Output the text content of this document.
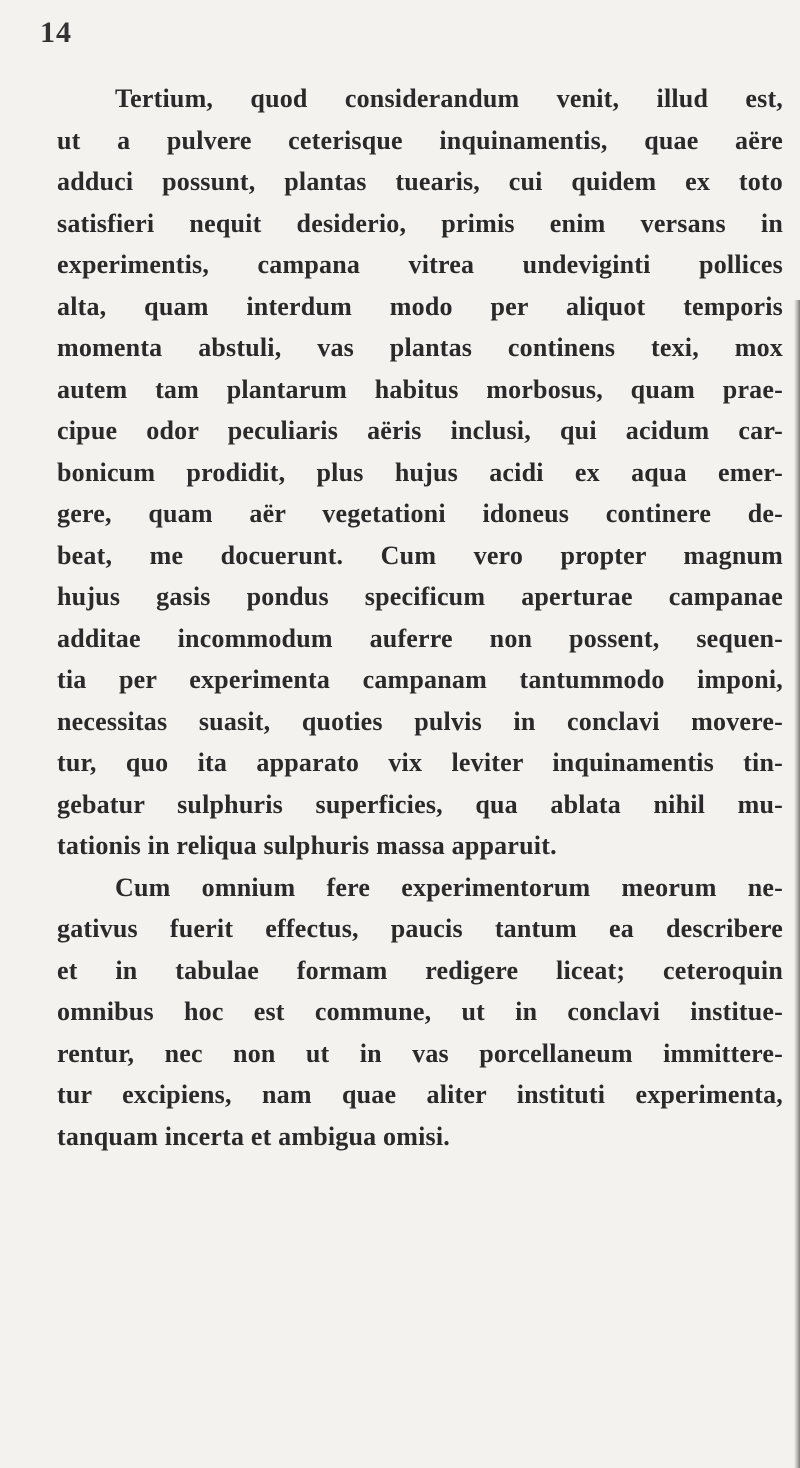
14
Tertium, quod considerandum venit, illud est,
ut a pulvere ceterisque inquinamentis, quae aëre
adduci possunt, plantas tuearis, cui quidem ex toto
satisfieri nequit desiderio, primis enim versans in
experimentis, campana vitrea undeviginti pollices
alta, quam interdum modo per aliquot temporis
momenta abstuli, vas plantas continens texi, mox
autem tam plantarum habitus morbosus, quam prae-
cipue odor peculiaris aëris inclusi, qui acidum car-
bonicum prodidit, plus hujus acidi ex aqua emer-
gere, quam aër vegetationi idoneus continere de-
beat, me docuerunt. Cum vero propter magnum
hujus gasis pondus specificum aperturae campanae
additae incommodum auferre non possent, sequen-
tia per experimenta campanam tantummodo imponi,
necessitas suasit, quoties pulvis in conclavi movere-
tur, quo ita apparato vix leviter inquinamentis tin-
gebatur sulphuris superficies, qua ablata nihil mu-
tationis in reliqua sulphuris massa apparuit.
Cum omnium fere experimentorum meorum ne-
gativus fuerit effectus, paucis tantum ea describere
et in tabulae formam redigere liceat; ceteroquin
omnibus hoc est commune, ut in conclavi institue-
rentur, nec non ut in vas porcellaneum immittere-
tur excipiens, nam quae aliter instituti experimenta,
tanquam incerta et ambigua omisi.
